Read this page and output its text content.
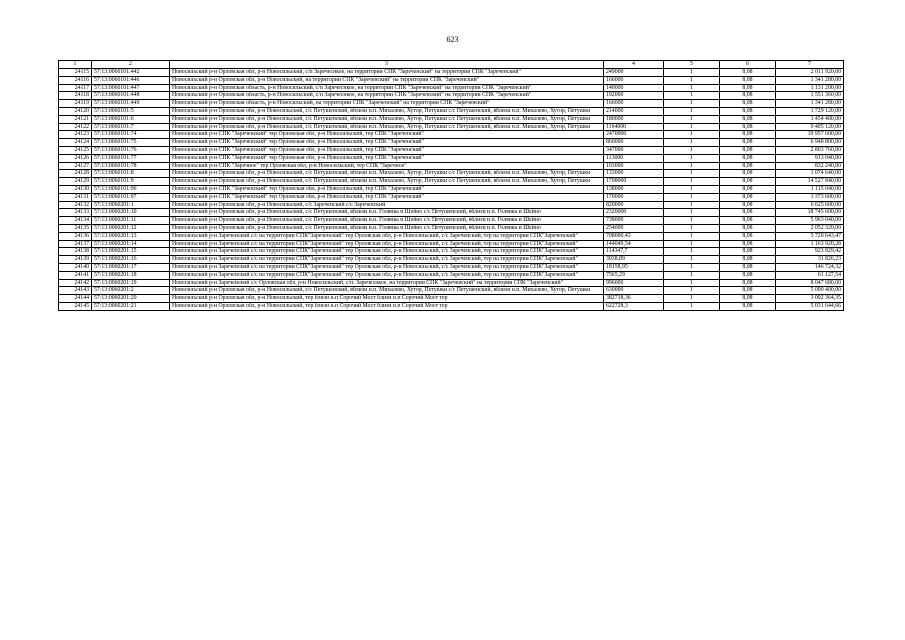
623
1	2	3	4	5	6	7
24115	57:13:0060101:442	Новосильский р-н Орловская обл, р-н Новосильский, с/п Заречеснкое, на территории СПК "Зареченский" на территории СПК "Зареченский"	249000	1	8,08	2 011 920,00
24116	57:13:0060101:446	Новосильский р-н Орловская обл, р-н Новосильский, на территории СПК "Зареченский" на территории СПК "Зареченский"	166000	1	8,08	1 341 280,00
24117	57:13:0060101:447	Новосильский р-н Орловская область, р-н Новосильский, с/п Заречеснкое, на территории СПК "Зареченский" на территории СПК "Зареченский"	140000	1	8,08	1 131 200,00
24118	57:13:0060101:448	Новосильский р-н Орловская область, р-н Новосильский, с/п Заречеснкое, на территории СПК "Зареченский" на территории СПК "Зареченский"	192000	1	8,08	1 551 360,00
24119	57:13:0060101:449	Новосильский р-н Орловская область, р-н Новосильский, на территории СПК "Зареченский" на территории СПК "Зареченский"	166000	1	8,08	1 341 280,00
24120	57:13:0060101:5	Новосильский р-н Орловская обл, р-н Новосильский, с/с Петушенский, вблизи н.п. Михалево, Хутор, Петушки с/с Петушенский, вблизи н.п. Михалево, Хутор, Петушки	214000	1	8,08	1 729 120,00
24121	57:13:0060101:6	Новосильский р-н Орловская обл, р-н Новосильский, с/с Петушенский, вблизи н.п. Михалево, Хутор, Петушки с/с Петушенский, вблизи н.п. Михалево, Хутор, Петушки	180000	1	8,08	1 454 400,00
24122	57:13:0060101:7	Новосильский р-н Орловская обл, р-н Новосильский, с/с Петушенский, вблизи н.п. Михалево, Хутор, Петушки с/с Петушенский, вблизи н.п. Михалево, Хутор, Петушки	1164000	1	8,08	9 405 120,00
24123	57:13:0060101:74	Новосильский р-н СПК "Зареченский" тер Орловская обл, р-н Новосильский, тер СПК "Зареченский"	2470000	1	8,08	19 957 600,00
24124	57:13:0060101:75	Новосильский р-н СПК "Зареченский" тер Орловская обл, р-н Новосильский, тер СПК "Зареченский"	860000	1	8,08	6 948 800,00
24125	57:13:0060101:76	Новосильский р-н СПК "Зареченский" тер Орловская обл, р-н Новосильский, тер СПК "Зареченский"	347000	1	8,08	2 803 760,00
24126	57:13:0060101:77	Новосильский р-н СПК "Зареченский" тер Орловская обл, р-н Новосильский, тер СПК "Зареченский"	113000	1	8,08	913 040,00
24127	57:13:0060101:78	Новосильский р-н СПК "Заречное" тер Орловская обл, р-н Новосильский, тер СПК "Заречное"	103000	1	8,08	832 240,00
24128	57:13:0060101:8	Новосильский р-н Орловская обл, р-н Новосильский, с/с Петушенский, вблизи н.п. Михалево, Хутор, Петушки с/с Петушенский, вблизи н.п. Михалево, Хутор, Петушки	133000	1	8,08	1 074 640,00
24129	57:13:0060101:9	Новосильский р-н Орловская обл, р-н Новосильский, с/с Петушенский, вблизи н.п. Михалево, Хутор, Петушки с/с Петушенский, вблизи н.п. Михалево, Хутор, Петушки	1798000	1	8,08	14 527 840,00
24130	57:13:0060101:96	Новосильский р-н СПК "Зареченский" тер Орловская обл, р-н Новосильский, тер СПК "Зареченский"	138000	1	8,08	1 115 040,00
24131	57:13:0060101:97	Новосильский р-н СПК "Зареченский" тер Орловская обл, р-н Новосильский, тер СПК "Зареченский"	170000	1	8,08	1 373 600,00
24132	57:13:0060201:1	Новосильский р-н Орловская обл, р-н Новосильский, с/с Зареченский с/с Зареченский	820000	1	8,08	6 625 600,00
24133	57:13:0060201:10	Новосильский р-н Орловская обл, р-н Новосильский, с/с Петушенский, вблизи н.п. Голянка и Шейно с/с Петушенский, вблизи н.п. Голянка и Шейно	2320000	1	8,08	18 745 600,00
24134	57:13:0060201:11	Новосильский р-н Орловская обл, р-н Новосильский, с/с Петушенский, вблизи н.п. Голянка и Шейно с/с Петушенский, вблизи н.п. Голянка и Шейно	738000	1	8,08	5 963 040,00
24135	57:13:0060201:12	Новосильский р-н Орловская обл, р-н Новосильский, с/с Петушенский, вблизи н.п. Голянка и Шейно с/с Петушенский, вблизи н.п. Голянка и Шейно	254000	1	8,08	2 052 320,00
24136	57:13:0060201:13	Новосильский р-н Зареченский с/с на территории СПК"Зареченский" тер Орловская обл, р-н Новосильский, с/с Зареченский, тер на территории СПК"Зареченский"	708000,43	1	8,08	5 720 643,47
24137	57:13:0060201:14	Новосильский р-н Зареченский с/с на территории СПК"Зареченский" тер Орловская обл, р-н Новосильский, с/с Зареченский, тер на территории СПК"Зареченский"	144049,54	1	8,08	1 163 920,28
24138	57:13:0060201:15	Новосильский р-н Зареченский с/с на территории СПК"Зареченский" тер Орловская обл, р-н Новосильский, с/с Зареченский, тер на территории СПК"Зареченский"	114347,7	1	8,08	923 929,42
24139	57:13:0060201:16	Новосильский р-н Зареченский с/с на территории СПК"Зареченский" тер Орловская обл, р-н Новосильский, с/с Зареченский, тер на территории СПК"Зареченский"	3938,89	1	8,08	31 826,23
24140	57:13:0060201:17	Новосильский р-н Зареченский с/с на территории СПК"Зареченский" тер Орловская обл, р-н Новосильский, с/с Зареченский, тер на территории СПК"Зареченский"	18158,95	1	8,08	146 724,32
24141	57:13:0060201:18	Новосильский р-н Зареченский с/с на территории СПК"Зареченский" тер Орловская обл, р-н Новосильский, с/с Зареченский, тер на территории СПК"Зареченский"	7565,29	1	8,08	61 127,54
24142	57:13:0060201:19	Новосильский р-н Зареченский с/с Орловская обл, р-н Новосильский, с/п. Заречеснкое, на территории СПК "Зареченский" на территории СПК "Зареченский"	996000	1	8,08	8 047 680,00
24143	57:13:0060201:2	Новосильский р-н Орловская обл, р-н Новосильский, с/с Петушенский, вблизи н.п. Михалево, Хутор, Петушки с/с Петушенский, вблизи н.п. Михалево, Хутор, Петушки	630000	1	8,08	5 090 400,00
24144	57:13:0060201:20	Новосильский р-н Орловская обл, р-н Новосильский, тер близи н.п Сорочий Мост близи н.п Сорочий Мост тер	382718,36	1	8,08	3 092 364,35
24145	57:13:0060201:21	Новосильский р-н Орловская обл, р-н Новосильский, тер близи н.п Сорочий Мост близи н.п Сорочий Мост тер	622728,3	1	8,08	5 031 644,66
